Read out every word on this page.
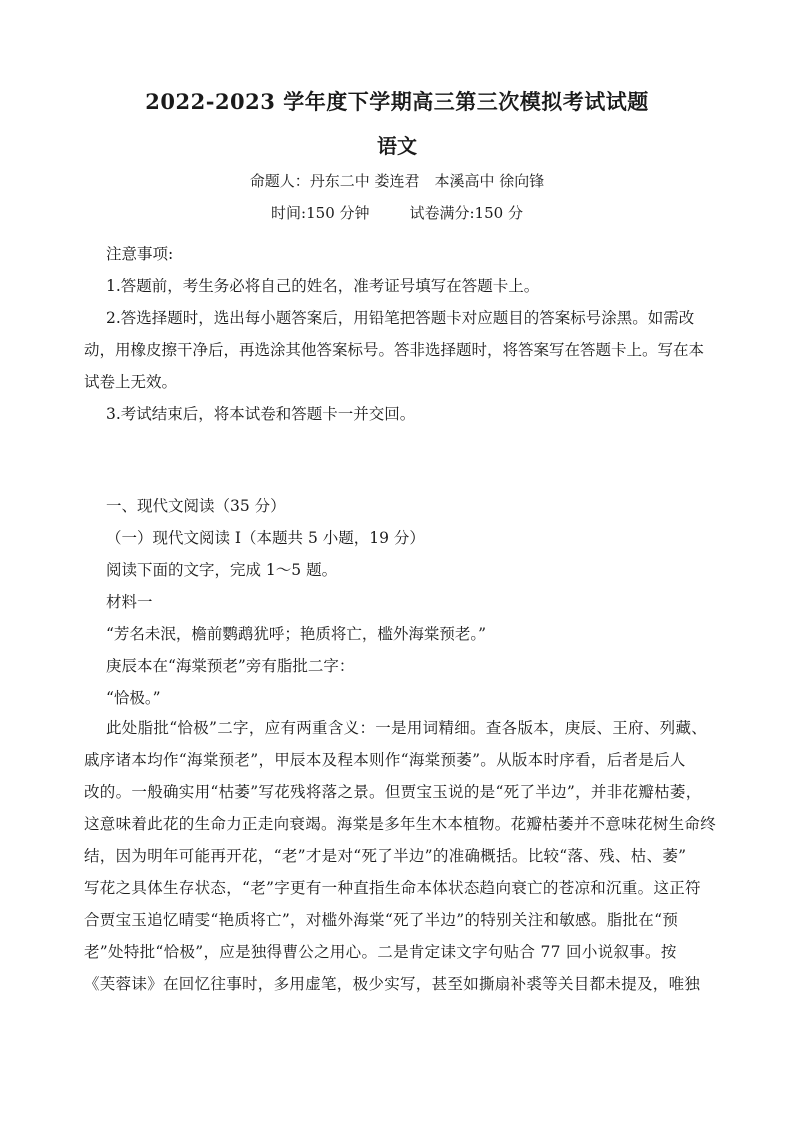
2022-2023 学年度下学期高三第三次模拟考试试题
语文
命题人：丹东二中 娄连君　本溪高中 徐向锋
时间:150 分钟	试卷满分:150 分
注意事项:
1.答题前，考生务必将自己的姓名，准考证号填写在答题卡上。
2.答选择题时，选出每小题答案后，用铅笔把答题卡对应题目的答案标号涂黑。如需改
动，用橡皮擦干净后，再选涂其他答案标号。答非选择题时，将答案写在答题卡上。写在本
试卷上无效。
3.考试结束后，将本试卷和答题卡一并交回。
一、现代文阅读（35 分）
（一）现代文阅读 I（本题共 5 小题，19 分）
阅读下面的文字，完成 1～5 题。
材料一
“芳名未泯，檐前鹦鹉犹呼；艳质将亡，槛外海棠预老。”
庚辰本在“海棠预老”旁有脂批二字：
“恰极。”
此处脂批“恰极”二字，应有两重含义：一是用词精细。查各版本，庚辰、王府、列藏、
戚序诸本均作“海棠预老”，甲辰本及程本则作“海棠预萎”。从版本时序看，后者是后人
改的。一般确实用“枯萎”写花残将落之景。但贾宝玉说的是“死了半边”，并非花瓣枯萎，
这意味着此花的生命力正走向衰竭。海棠是多年生木本植物。花瓣枯萎并不意味花树生命终
结，因为明年可能再开花，“老”才是对“死了半边”的准确概括。比较“落、残、枯、萎”
写花之具体生存状态，“老”字更有一种直指生命本体状态趋向衰亡的苍凉和沉重。这正符
合贾宝玉追忆晴雯“艳质将亡”，对槛外海棠“死了半边”的特别关注和敏感。脂批在“预
老”处特批“恰极”，应是独得曹公之用心。二是肯定诔文字句贴合 77 回小说叙事。按
《芙蓉诔》在回忆往事时，多用虚笔，极少实写，甚至如撕扇补裘等关目都未提及，唯独
